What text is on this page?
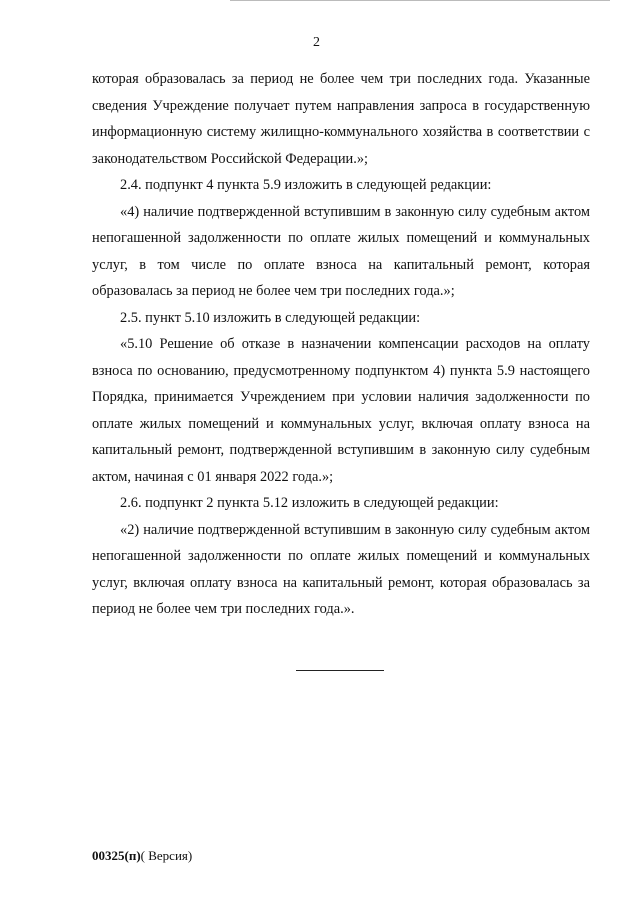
2

которая образовалась за период не более чем три последних года. Указанные сведения Учреждение получает путем направления запроса в государственную информационную систему жилищно-коммунального хозяйства в соответствии с законодательством Российской Федерации.»;

2.4. подпункт 4 пункта 5.9 изложить в следующей редакции:

«4) наличие подтвержденной вступившим в законную силу судебным актом непогашенной задолженности по оплате жилых помещений и коммунальных услуг, в том числе по оплате взноса на капитальный ремонт, которая образовалась за период не более чем три последних года.»;

2.5. пункт 5.10 изложить в следующей редакции:

«5.10 Решение об отказе в назначении компенсации расходов на оплату взноса по основанию, предусмотренному подпунктом 4) пункта 5.9 настоящего Порядка, принимается Учреждением при условии наличия задолженности по оплате жилых помещений и коммунальных услуг, включая оплату взноса на капитальный ремонт, подтвержденной вступившим в законную силу судебным актом, начиная с 01 января 2022 года.»;

2.6. подпункт 2 пункта 5.12 изложить в следующей редакции:

«2) наличие подтвержденной вступившим в законную силу судебным актом непогашенной задолженности по оплате жилых помещений и коммунальных услуг, включая оплату взноса на капитальный ремонт, которая образовалась за период не более чем три последних года.».

00325(п)( Версия)
